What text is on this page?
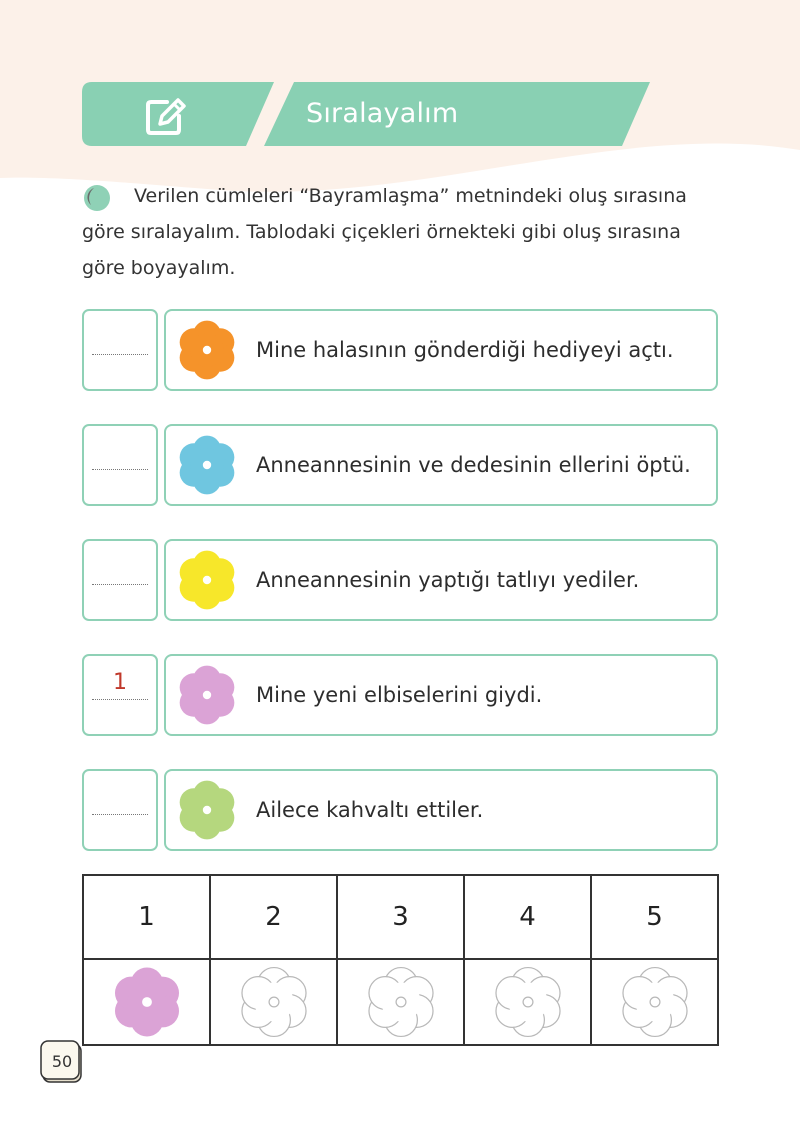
Sıralayalım

Verilen cümleleri “Bayramlaşma” metnindeki oluş sırasına göre sıralayalım. Tablodaki çiçekleri örnekteki gibi oluş sırasına göre boyayalım.

Mine halasının gönderdiği hediyeyi açtı.
Anneannesinin ve dedesinin ellerini öptü.
Anneannesinin yaptığı tatlıyı yediler.
1	Mine yeni elbiselerini giydi.
Ailece kahvaltı ettiler.
1	2	3	4	5

50
